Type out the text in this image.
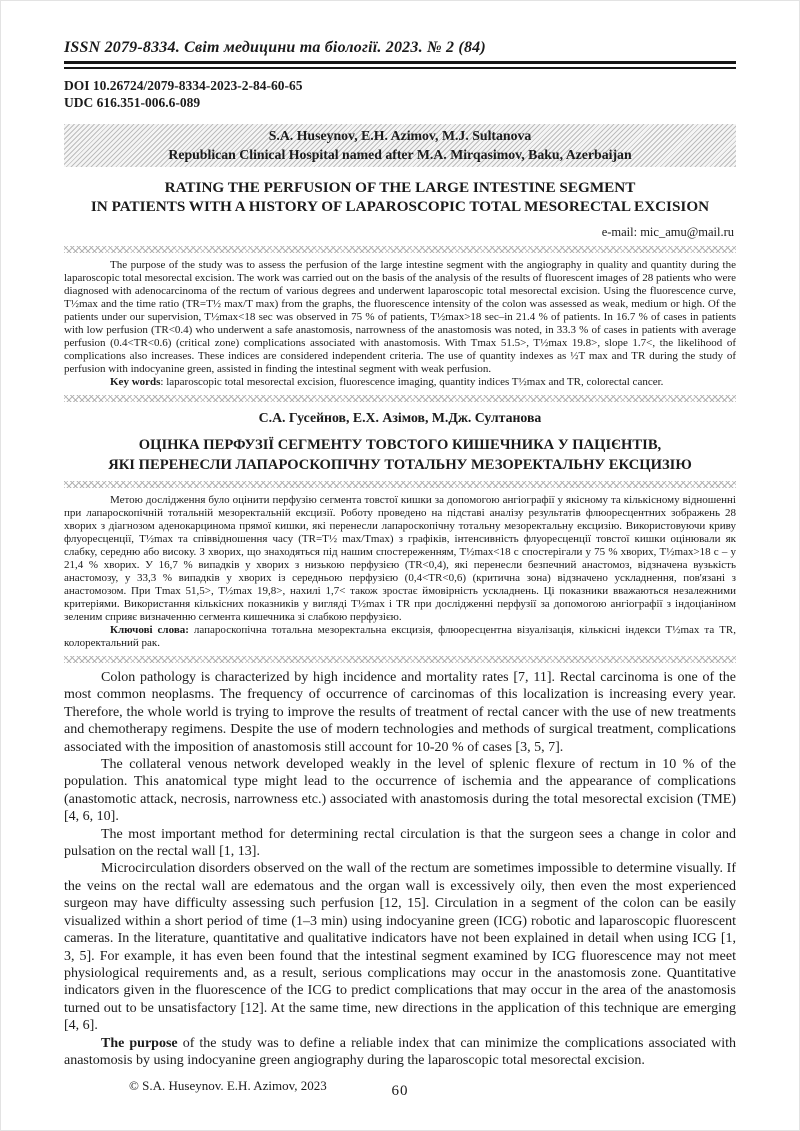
ISSN 2079-8334. Світ медицини та біології. 2023. № 2 (84)
DOI 10.26724/2079-8334-2023-2-84-60-65
UDC 616.351-006.6-089
S.A. Huseynov, E.H. Azimov, M.J. Sultanova
Republican Clinical Hospital named after M.A. Mirqasimov, Baku, Azerbaijan
RATING THE PERFUSION OF THE LARGE INTESTINE SEGMENT
IN PATIENTS WITH A HISTORY OF LAPAROSCOPIC TOTAL MESORECTAL EXCISION
e-mail: mic_amu@mail.ru

The purpose of the study was to assess the perfusion of the large intestine segment with the angiography in quality and quantity during the laparoscopic total mesorectal excision. The work was carried out on the basis of the analysis of the results of fluorescent images of 28 patients who were diagnosed with adenocarcinoma of the rectum of various degrees and underwent laparoscopic total mesorectal excision. Using the fluorescence curve, T½max and the time ratio (TR=T½ max/T max) from the graphs, the fluorescence intensity of the colon was assessed as weak, medium or high. Of the patients under our supervision, T½max<18 sec was observed in 75 % of patients, T½max>18 sec–in 21.4 % of patients. In 16.7 % of cases in patients with low perfusion (TR<0.4) who underwent a safe anastomosis, narrowness of the anastomosis was noted, in 33.3 % of cases in patients with average perfusion (0.4<TR<0.6) (critical zone) complications associated with anastomosis. With Tmax 51.5>, T½max 19.8>, slope 1.7<, the likelihood of complications also increases. These indices are considered independent criteria. The use of quantity indexes as ½T max and TR during the study of perfusion with indocyanine green, assisted in finding the intestinal segment with weak perfusion.

Key words: laparoscopic total mesorectal excision, fluorescence imaging, quantity indices T½max and TR, colorectal cancer.

С.А. Гусейнов, Е.Х. Азімов, М.Дж. Султанова
ОЦІНКА ПЕРФУЗІЇ СЕГМЕНТУ ТОВСТОГО КИШЕЧНИКА У ПАЦІЄНТІВ,
ЯКІ ПЕРЕНЕСЛИ ЛАПАРОСКОПІЧНУ ТОТАЛЬНУ МЕЗОРЕКТАЛЬНУ ЕКСЦИЗІЮ

Метою дослідження було оцінити перфузію сегмента товстої кишки за допомогою ангіографії у якісному та кількісному відношенні при лапароскопічній тотальній мезоректальній ексцизії. Роботу проведено на підставі аналізу результатів флюоресцентних зображень 28 хворих з діагнозом аденокарцинома прямої кишки, які перенесли лапароскопічну тотальну мезоректальну ексцизію. Використовуючи криву флуоресценції, T½max та співвідношення часу (TR=T½ max/Tmax) з графіків, інтенсивність флуоресценції товстої кишки оцінювали як слабку, середню або високу. З хворих, що знаходяться під нашим спостереженням, T½max<18 с спостерігали у 75 % хворих, T½max>18 с – у 21,4 % хворих. У 16,7 % випадків у хворих з низькою перфузією (TR<0,4), які перенесли безпечний анастомоз, відзначена вузькість анастомозу, у 33,3 % випадків у хворих із середньою перфузією (0,4<TR<0,6) (критична зона) відзначено ускладнення, пов'язані з анастомозом. При Tmax 51,5>, T½max 19,8>, нахилі 1,7< також зростає ймовірність ускладнень. Ці показники вважаються незалежними критеріями. Використання кількісних показників у вигляді T½max і TR при дослідженні перфузії за допомогою ангіографії з індоціаніном зеленим сприяє визначенню сегмента кишечника зі слабкою перфузією.

Ключові слова: лапароскопічна тотальна мезоректальна ексцизія, флюоресцентна візуалізація, кількісні індекси T½max та TR, колоректальний рак.

Colon pathology is characterized by high incidence and mortality rates [7, 11]. Rectal carcinoma is one of the most common neoplasms. The frequency of occurrence of carcinomas of this localization is increasing every year. Therefore, the whole world is trying to improve the results of treatment of rectal cancer with the use of new treatments and chemotherapy regimens. Despite the use of modern technologies and methods of surgical treatment, complications associated with the imposition of anastomosis still account for 10-20 % of cases [3, 5, 7].

The collateral venous network developed weakly in the level of splenic flexure of rectum in 10 % of the population. This anatomical type might lead to the occurrence of ischemia and the appearance of complications (anastomotic attack, necrosis, narrowness etc.) associated with anastomosis during the total mesorectal excision (TME) [4, 6, 10].

The most important method for determining rectal circulation is that the surgeon sees a change in color and pulsation on the rectal wall [1, 13].

Microcirculation disorders observed on the wall of the rectum are sometimes impossible to determine visually. If the veins on the rectal wall are edematous and the organ wall is excessively oily, then even the most experienced surgeon may have difficulty assessing such perfusion [12, 15]. Circulation in a segment of the colon can be easily visualized within a short period of time (1–3 min) using indocyanine green (ICG) robotic and laparoscopic fluorescent cameras. In the literature, quantitative and qualitative indicators have not been explained in detail when using ICG [1, 3, 5]. For example, it has even been found that the intestinal segment examined by ICG fluorescence may not meet physiological requirements and, as a result, serious complications may occur in the anastomosis zone. Quantitative indicators given in the fluorescence of the ICG to predict complications that may occur in the area of the anastomosis turned out to be unsatisfactory [12]. At the same time, new directions in the application of this technique are emerging [4, 6].

The purpose of the study was to define a reliable index that can minimize the complications associated with anastomosis by using indocyanine green angiography during the laparoscopic total mesorectal excision.

© S.A. Huseynov. E.H. Azimov, 2023	60
